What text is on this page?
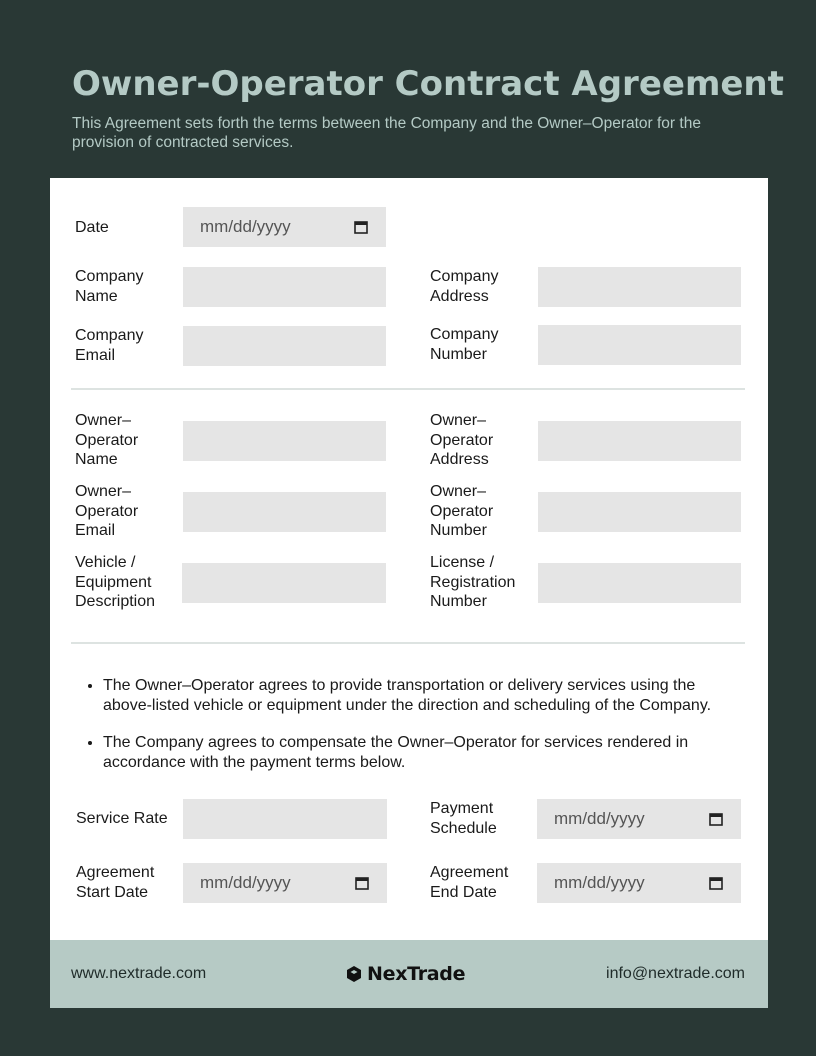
Owner-Operator Contract Agreement
This Agreement sets forth the terms between the Company and the Owner–Operator for the provision of contracted services.
Date	mm/dd/yyyy
Company Name
Company Address
Company Email
Company Number
Owner–Operator Name
Owner–Operator Address
Owner–Operator Email
Owner–Operator Number
Vehicle / Equipment Description
License / Registration Number
• The Owner–Operator agrees to provide transportation or delivery services using the above-listed vehicle or equipment under the direction and scheduling of the Company.
• The Company agrees to compensate the Owner–Operator for services rendered in accordance with the payment terms below.
Service Rate
Payment Schedule	mm/dd/yyyy
Agreement Start Date	mm/dd/yyyy
Agreement End Date	mm/dd/yyyy
www.nextrade.com	NexTrade	info@nextrade.com
